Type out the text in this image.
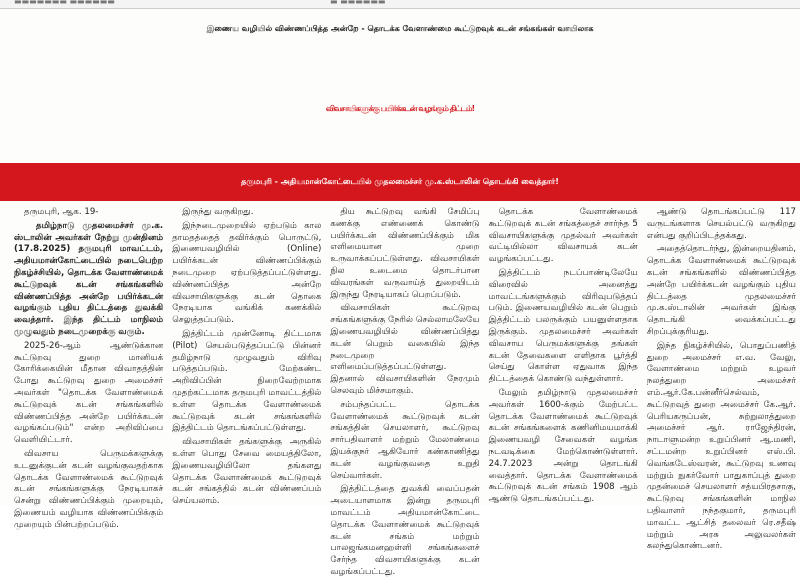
▬▬▬▬▬▬▬ ▬▬▬▬▬▬	▬ ▬▬▬▬▬▬
இணைய வழியில் விண்ணப்பித்த அன்றே - தொடக்க வேளாண்மை கூட்டுறவுக் கடன் சங்கங்கள் வாயிலாக
விவசாயிகளுக்கு பயிர்க்கடன் வழங்கும் திட்டம்!
தருமபுரி - அதியமான்கோட்டையில் முதலமைச்சர் மு.க.ஸ்டாலின் தொடங்கி வைத்தார்!

தருமபுரி, ஆக. 19-

தமிழ்நாடு முதலமைச்சர் மு.க. ஸ்டாலின் அவர்கள் நேற்று முன்தினம் (17.8.2025) தருமபுரி மாவட்டம், அதியமான்கோட்டையில் நடைபெற்ற நிகழ்ச்சியில், தொடக்க வேளாண்மைக் கூட்டுறவுக் கடன் சங்கங்களில் விண்ணப்பித்த அன்றே பயிர்க்கடன் வழங்கும் புதிய திட்டத்தை துவக்கி வைத்தார். இந்த திட்டம் மாநிலம் முழுவதும் நடைமுறைக்கு வரும்.

2025-26-ஆம் ஆண்டுக்கான கூட்டுறவு துறை மானியக் கோரிக்கையின் மீதான விவாதத்தின் போது கூட்டுறவு துறை அமைச்சர் அவர்கள் "தொடக்க வேளாண்மைக் கூட்டுறவுக் கடன் சங்கங்களில் விண்ணப்பித்த அன்றே பயிர்க்கடன் வழங்கப்படும்" என்ற அறிவிப்பை வெளியிட்டார்.

விவசாய பெருமக்களுக்கு உடனுக்குடன் கடன் வழங்குவதற்காக தொடக்க வேளாண்மைக் கூட்டுறவுக் கடன் சங்கங்களுக்கு நேரடியாகச் சென்று விண்ணப்பிக்கும் முறையும், இணையம் வழியாக விண்ணப்பிக்கும் முறையும் பின்பற்றப்படும்.

இருந்து வருகிறது.

இந்நடைமுறையில் ஏற்படும் கால தாமதத்தைத் தவிர்க்கும் பொருட்டு, இணையவழியில் (Online) பயிர்க்கடன் விண்ணப்பிக்கும் நடைமுறை ஏற்படுத்தப்பட்டுள்ளது. விண்ணப்பித்த அன்றே விவசாயிகளுக்கு கடன் தொகை நேரடியாக வங்கிக் கணக்கில் செலுத்தப்படும்.

இத்திட்டம் முன்னோடி திட்டமாக (Pilot) செயல்படுத்தப்பட்டு பின்னர் தமிழ்நாடு முழுவதும் விரிவு படுத்தப்படும். மேற்கண்ட அறிவிப்பின் நிறைவேற்றமாக முதற்கட்டமாக தருமபுரி மாவட்டத்தில் உள்ள தொடக்க வேளாண்மைக் கூட்டுறவுக் கடன் சங்கங்களில் இத்திட்டம் தொடங்கப்பட்டுள்ளது.

விவசாயிகள் தங்களுக்கு அருகில் உள்ள பொது சேவை மையத்திலோ, இணையவழியிலோ தங்களது தொடக்க வேளாண்மைக் கூட்டுறவுக் கடன் சங்கத்தில் கடன் விண்ணப்பம் செய்யலாம்.

திய கூட்டுறவு வங்கி சேமிப்பு கணக்கு எண்ணைக் கொண்டு பயிர்க்கடன் விண்ணப்பிக்கும் மிக எளிமையான முறை உருவாக்கப்பட்டுள்ளது. விவசாயிகள் நில உடைமை தொடர்பான விவரங்கள் வருவாய்த் துறையிடம் இருந்து நேரடியாகப் பெறப்படும்.

விவசாயிகள் கூட்டுறவு சங்கங்களுக்கு நேரில் செல்லாமலேயே இணையவழியில் விண்ணப்பித்து கடன் பெறும் வகையில் இந்த நடைமுறை எளிமைப்படுத்தப்பட்டுள்ளது. இதனால் விவசாயிகளின் நேரமும் செலவும் மிச்சமாகும்.

சம்பந்தப்பட்ட தொடக்க வேளாண்மைக் கூட்டுறவுக் கடன் சங்கத்தின் செயலாளர், கூட்டுறவு சார்பதிவாளர் மற்றும் மேலாண்மை இயக்குநர் ஆகியோர் கண்காணித்து கடன் வழங்குவதை உறுதி செய்வார்கள்.

இத்திட்டத்தை துவக்கி வைப்பதன் அடையாளமாக இன்று தருமபுரி மாவட்டம் அதியமான்கோட்டை தொடக்க வேளாண்மைக் கூட்டுறவுக் கடன் சங்கம் மற்றும் பாலஜங்கமனஹள்ளி சங்கங்களைச் சேர்ந்த விவசாயிகளுக்கு கடன் வழங்கப்பட்டது.

தொடக்க வேளாண்மைக் கூட்டுறவுக் கடன் சங்கத்தைச் சார்ந்த 5 விவசாயிகளுக்கு முதல்வர் அவர்கள் வட்டியில்லா விவசாயக் கடன் வழங்கப்பட்டது.

இத்திட்டம் நடப்பாண்டிலேயே விரைவில் அனைத்து மாவட்டங்களுக்கும் விரிவுபடுத்தப் படும். இணையவழியில் கடன் பெறும் இத்திட்டம் பலருக்கும் பயனுள்ளதாக இருக்கும். முதலமைச்சர் அவர்கள் விவசாய பெருமக்களுக்கு தங்கள் கடன் தேவைகளை எளிதாக பூர்த்தி செய்து கொள்ள ஏதுவாக இந்த திட்டத்தைக் கொண்டு வந்துள்ளார்.

மேலும் தமிழ்நாடு முதலமைச்சர் அவர்கள் 1600-க்கும் மேற்பட்ட தொடக்க வேளாண்மைக் கூட்டுறவுக் கடன் சங்கங்களைக் கணினிமயமாக்கி இணையவழி சேவைகள் வழங்க நடவடிக்கை மேற்கொண்டுள்ளார். 24.7.2023 அன்று தொடங்கி வைத்தார். தொடக்க வேளாண்மைக் கூட்டுறவுக் கடன் சங்கம் 1908 ஆம் ஆண்டு தொடங்கப்பட்டது.

ஆண்டு தொடங்கப்பட்டு 117 வருடங்களாக செயல்பட்டு வருகிறது என்பது குறிப்பிடத்தக்கது.

அதைத்தொடர்ந்து, இன்றையதினம், தொடக்க வேளாண்மைக் கூட்டுறவுக் கடன் சங்கங்களில் விண்ணப்பித்த அன்றே பயிர்க்கடன் வழங்கும் புதிய திட்டத்தை முதலமைச்சர் மு.க.ஸ்டாலின் அவர்கள் இங்கு தொடங்கி வைக்கப்பட்டது சிறப்புக்குரியது.

இந்த நிகழ்ச்சியில், பொதுப்பணித் துறை அமைச்சர் எ.வ. வேலு, வேளாண்மை மற்றும் உழவர் நலத்துறை அமைச்சர் எம்.ஆர்.கே.பன்னீர்செல்வம், கூட்டுறவுத் துறை அமைச்சர் கே.ஆர். பெரியகருப்பன், சுற்றுலாத்துறை அமைச்சர் ஆர். ராஜேந்திரன், நாடாளுமன்ற உறுப்பினர் ஆ.மணி, சட்டமன்ற உறுப்பினர் எஸ்.பி. வெங்கடேஸ்வரன், கூட்டுறவு உணவு மற்றும் நுகர்வோர் பாதுகாப்புத் துறை முதன்மைச் செயலாளர் சத்யபிரதசாகு, கூட்டுறவு சங்கங்களின் மாநில பதிவாளர் நந்தகுமார், தருமபுரி மாவட்ட ஆட்சித் தலைவர் ரெ.சதீஷ் மற்றும் அரசு அலுவலர்கள் கலந்துகொண்டனர்.
